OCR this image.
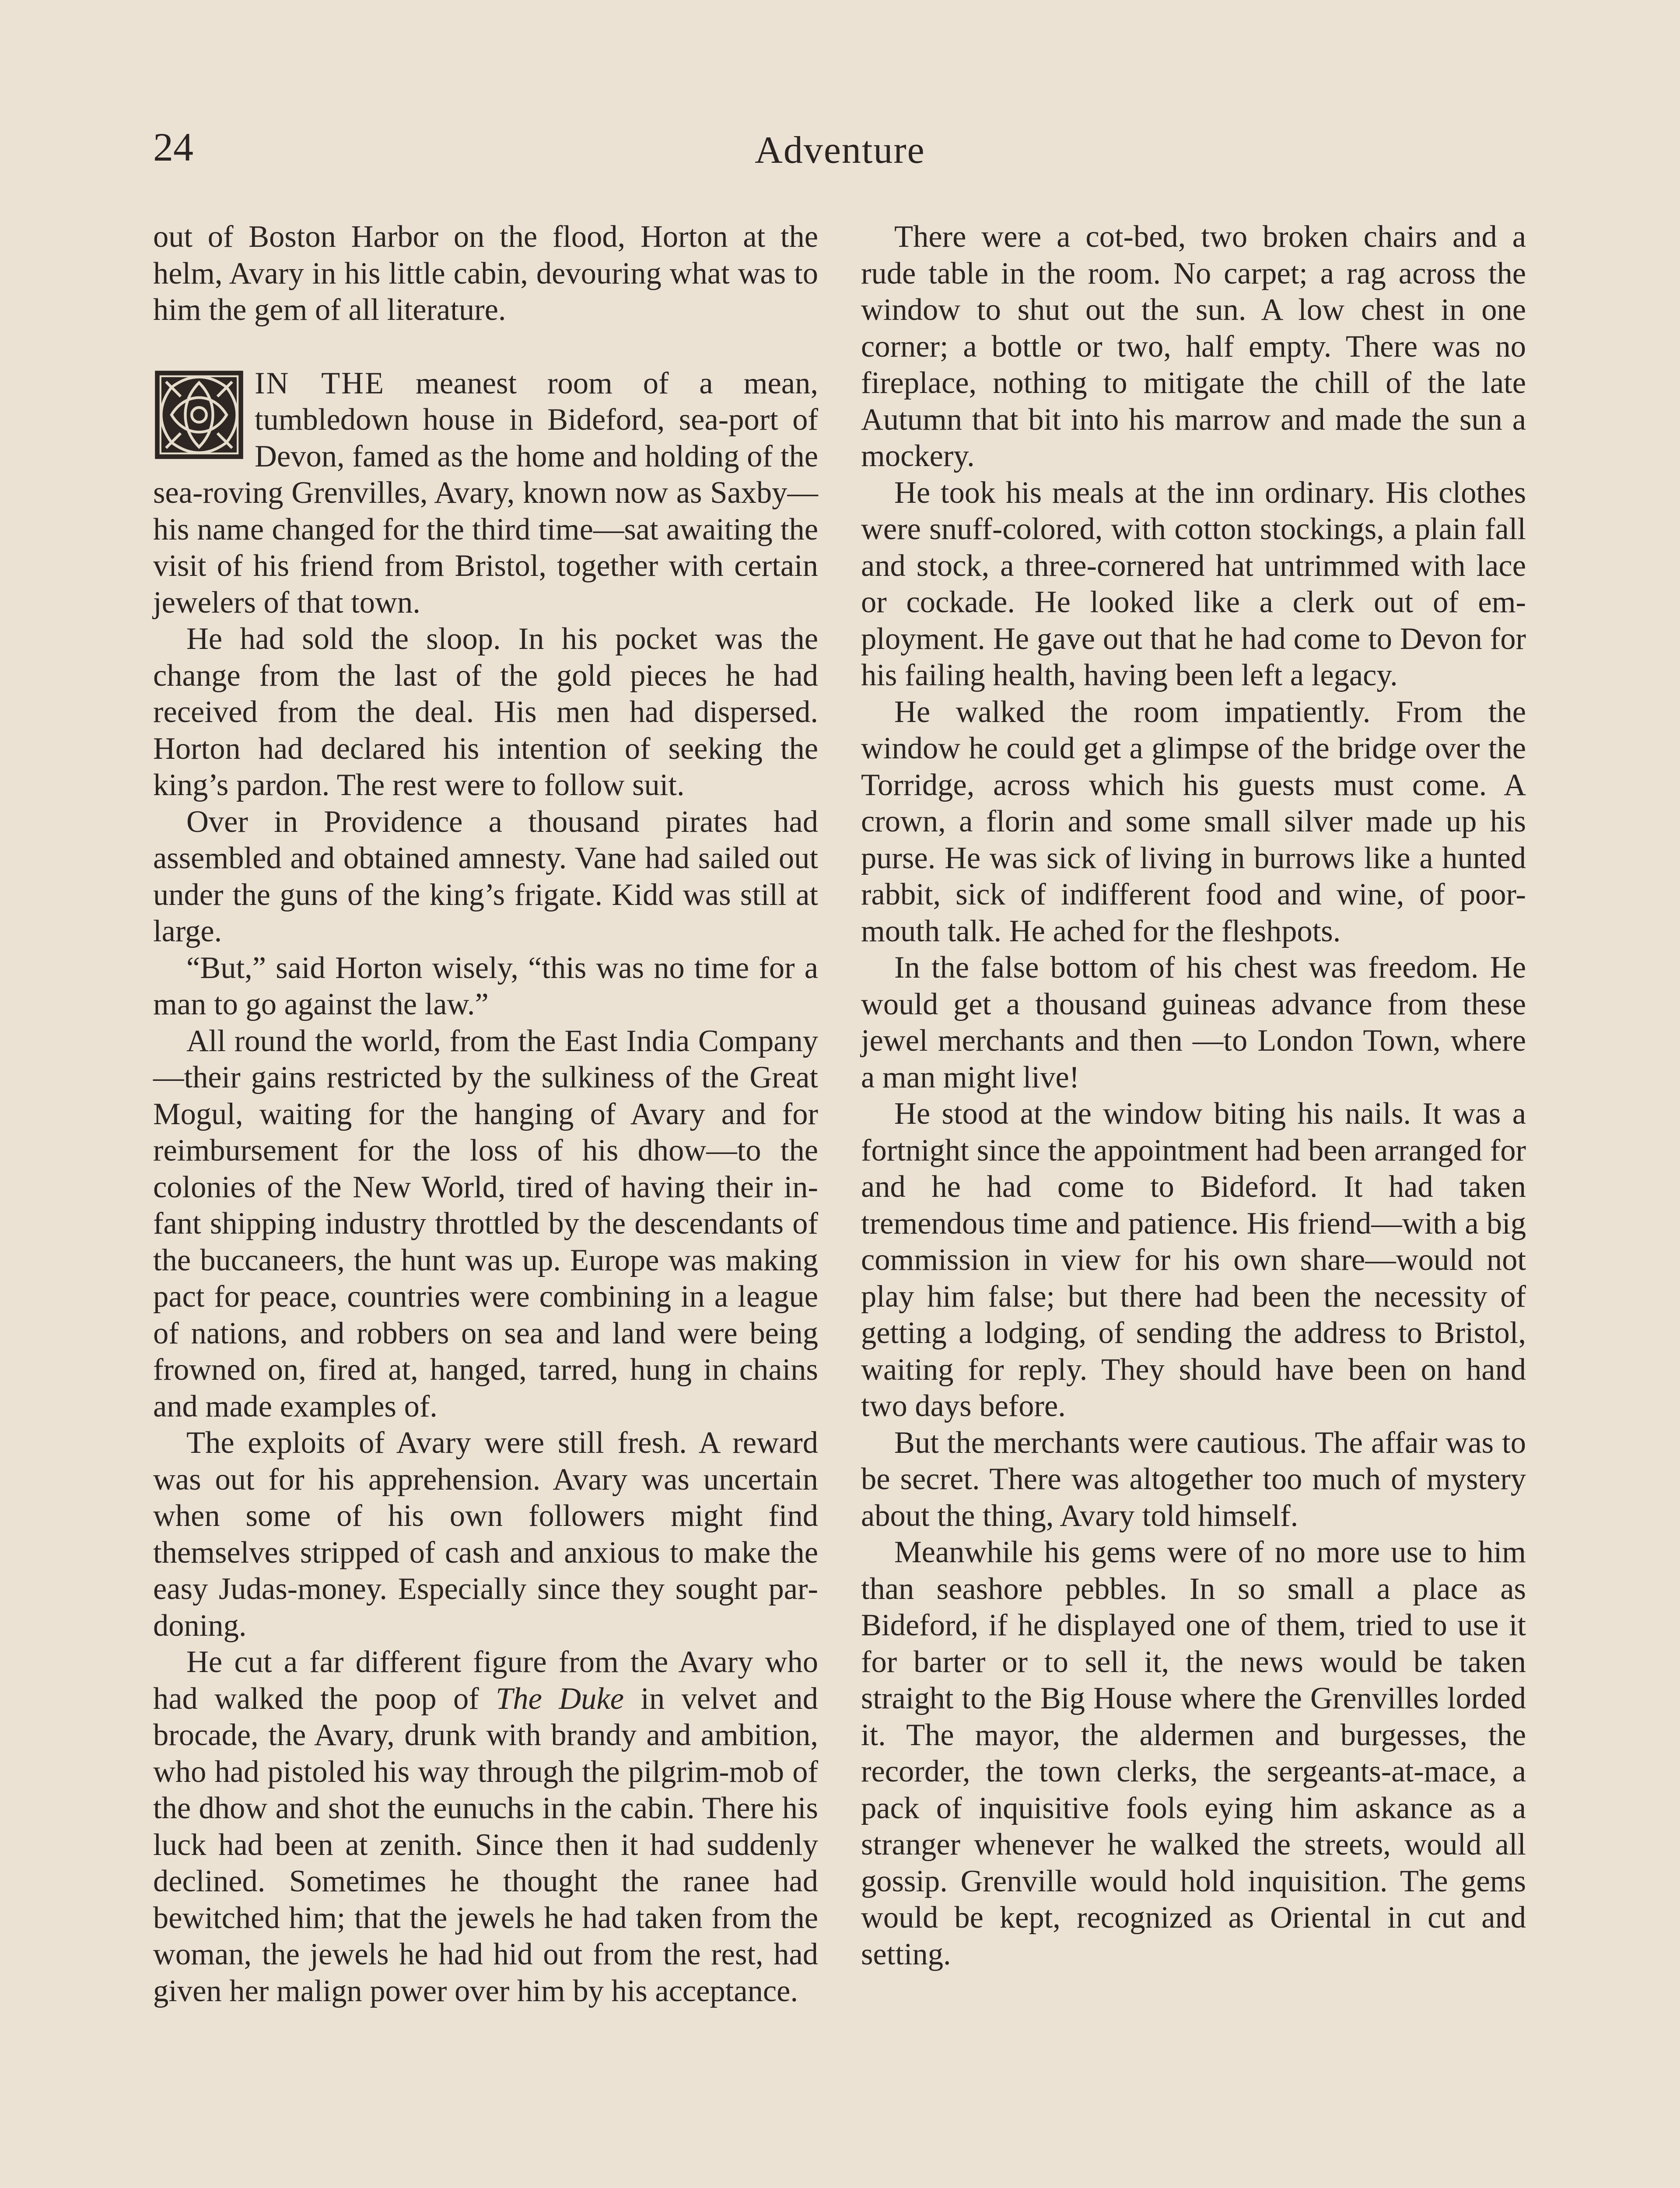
24	Adventure

out of Boston Harbor on the flood, Horton at the helm, Avary in his little cabin, devouring what was to him the gem of all literature.

IN THE meanest room of a mean, tumbledown house in Bideford, sea-port of Devon, famed as the home and holding of the sea-roving Grenvilles, Avary, known now as Saxby—his name changed for the third time—sat awaiting the visit of his friend from Bristol, together with certain jewelers of that town.

He had sold the sloop. In his pocket was the change from the last of the gold pieces he had received from the deal. His men had dispersed. Horton had declared his intention of seeking the king’s pardon. The rest were to follow suit.

Over in Providence a thousand pirates had assembled and obtained amnesty. Vane had sailed out under the guns of the king’s frigate. Kidd was still at large.

“But,” said Horton wisely, “this was no time for a man to go against the law.”

All round the world, from the East India Company—their gains restricted by the sulkiness of the Great Mogul, waiting for the hanging of Avary and for reimbursement for the loss of his dhow—to the colonies of the New World, tired of having their infant shipping industry throttled by the descendants of the buccaneers, the hunt was up. Europe was making pact for peace, countries were combining in a league of nations, and robbers on sea and land were being frowned on, fired at, hanged, tarred, hung in chains and made examples of.

The exploits of Avary were still fresh. A reward was out for his apprehension. Avary was uncertain when some of his own followers might find themselves stripped of cash and anxious to make the easy Judas-money. Especially since they sought pardoning.

He cut a far different figure from the Avary who had walked the poop of The Duke in velvet and brocade, the Avary, drunk with brandy and ambition, who had pistoled his way through the pilgrim-mob of the dhow and shot the eunuchs in the cabin. There his luck had been at zenith. Since then it had suddenly declined. Sometimes he thought the ranee had bewitched him; that the jewels he had taken from the woman, the jewels he had hid out from the rest, had given her malign power over him by his acceptance.

There were a cot-bed, two broken chairs and a rude table in the room. No carpet; a rag across the window to shut out the sun. A low chest in one corner; a bottle or two, half empty. There was no fireplace, nothing to mitigate the chill of the late Autumn that bit into his marrow and made the sun a mockery.

He took his meals at the inn ordinary. His clothes were snuff-colored, with cotton stockings, a plain fall and stock, a three-cornered hat untrimmed with lace or cockade. He looked like a clerk out of employment. He gave out that he had come to Devon for his failing health, having been left a legacy.

He walked the room impatiently. From the window he could get a glimpse of the bridge over the Torridge, across which his guests must come. A crown, a florin and some small silver made up his purse. He was sick of living in burrows like a hunted rabbit, sick of indifferent food and wine, of poor-mouth talk. He ached for the fleshpots.

In the false bottom of his chest was freedom. He would get a thousand guineas advance from these jewel merchants and then —to London Town, where a man might live!

He stood at the window biting his nails. It was a fortnight since the appointment had been arranged for and he had come to Bideford. It had taken tremendous time and patience. His friend—with a big commission in view for his own share—would not play him false; but there had been the necessity of getting a lodging, of sending the address to Bristol, waiting for reply. They should have been on hand two days before.

But the merchants were cautious. The affair was to be secret. There was altogether too much of mystery about the thing, Avary told himself.

Meanwhile his gems were of no more use to him than seashore pebbles. In so small a place as Bideford, if he displayed one of them, tried to use it for barter or to sell it, the news would be taken straight to the Big House where the Grenvilles lorded it. The mayor, the aldermen and burgesses, the recorder, the town clerks, the sergeants-at-mace, a pack of inquisitive fools eying him askance as a stranger whenever he walked the streets, would all gossip. Grenville would hold inquisition. The gems would be kept, recognized as Oriental in cut and setting.
